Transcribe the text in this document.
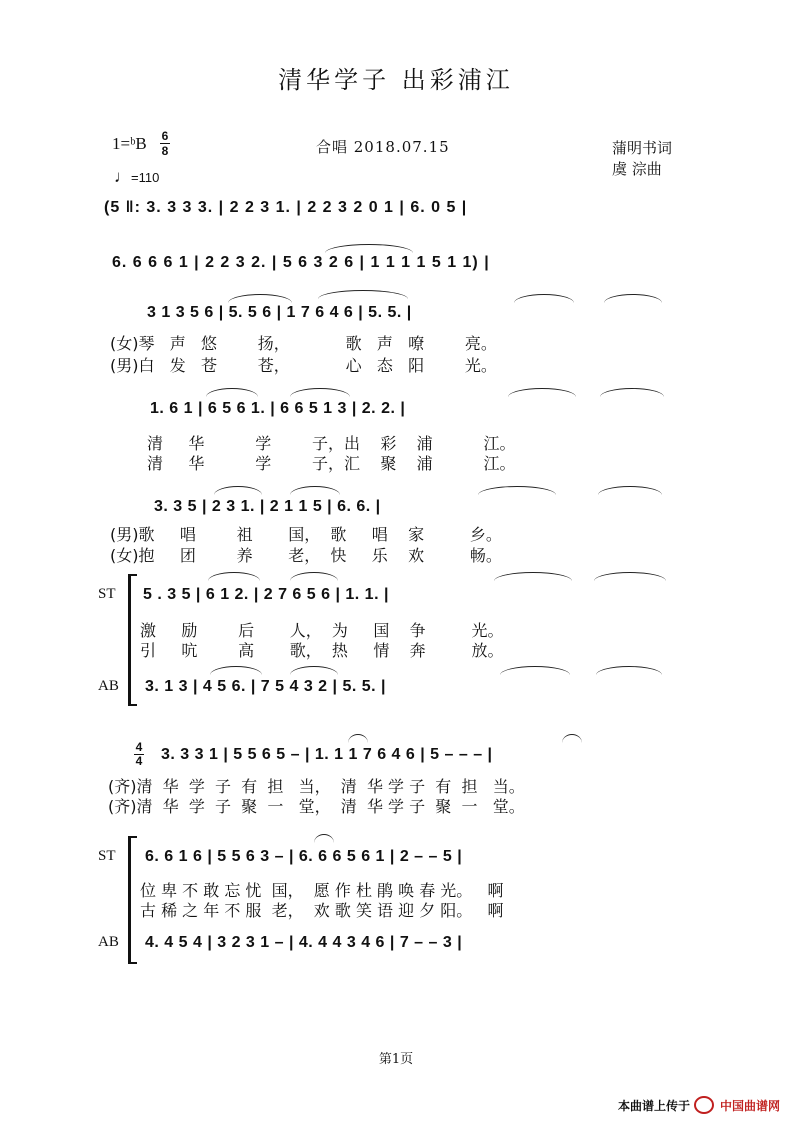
清华学子 出彩浦江
1=ᵇB 6
8
♩=110
合唱 2018.07.15	蒲明书词
虞 淙曲
(5 ‖: 3. 3 3 3. | 2 2 3 1. | 2 2 3 2 0 1 | 6. 0 5 |
6. 6 6 6 1 | 2 2 3 2. | 5 6 3 2 6 | 1 1 1 1 5 1 1) |
3 1 3 5 6 | 5. 5 6 | 1 7 6 4 6 | 5. 5. |
(女)琴   声   悠        扬，           歌   声   嘹        亮。
(男)白   发   苍        苍，           心   态   阳        光。
1. 6 1 | 6 5 6 1. | 6 6 5 1 3 | 2. 2. |
清     华          学        子，出    彩    浦          江。
清     华          学        子，汇    聚    浦          江。
3. 3 5 | 2 3 1. | 2 1 1 5 | 6. 6. |
(男)歌     唱        祖       国，  歌     唱    家         乡。
(女)抱     团        养       老，  快     乐    欢         畅。
ST 5 . 3 5 | 6 1 2. | 2 7 6 5 6 | 1. 1. |
激     励        后       人，  为     国    争         光。
引     吭        高       歌，  热     情    奔         放。
AB 3. 1 3 | 4 5 6. | 7 5 4 3 2 | 5. 5. |
4
4 3. 3 3 1 | 5 5 6 5 – | 1. 1 1 7 6 4 6 | 5 – – – |
(齐)清  华  学  子  有  担   当，  清  华 学 子  有  担   当。
(齐)清  华  学  子  聚  一   堂，  清  华 学 子  聚  一   堂。
ST 6. 6 1 6 | 5 5 6 3 – | 6. 6 6 5 6 1 | 2 – – 5 |
位 卑 不 敢 忘 忧  国，  愿 作 杜 鹃 唤 春 光。   啊
古 稀 之 年 不 服  老，  欢 歌 笑 语 迎 夕 阳。   啊
AB 4. 4 5 4 | 3 2 3 1 – | 4. 4 4 3 4 6 | 7 – – 3 |
第1页
本曲谱上传于	中国曲谱网
